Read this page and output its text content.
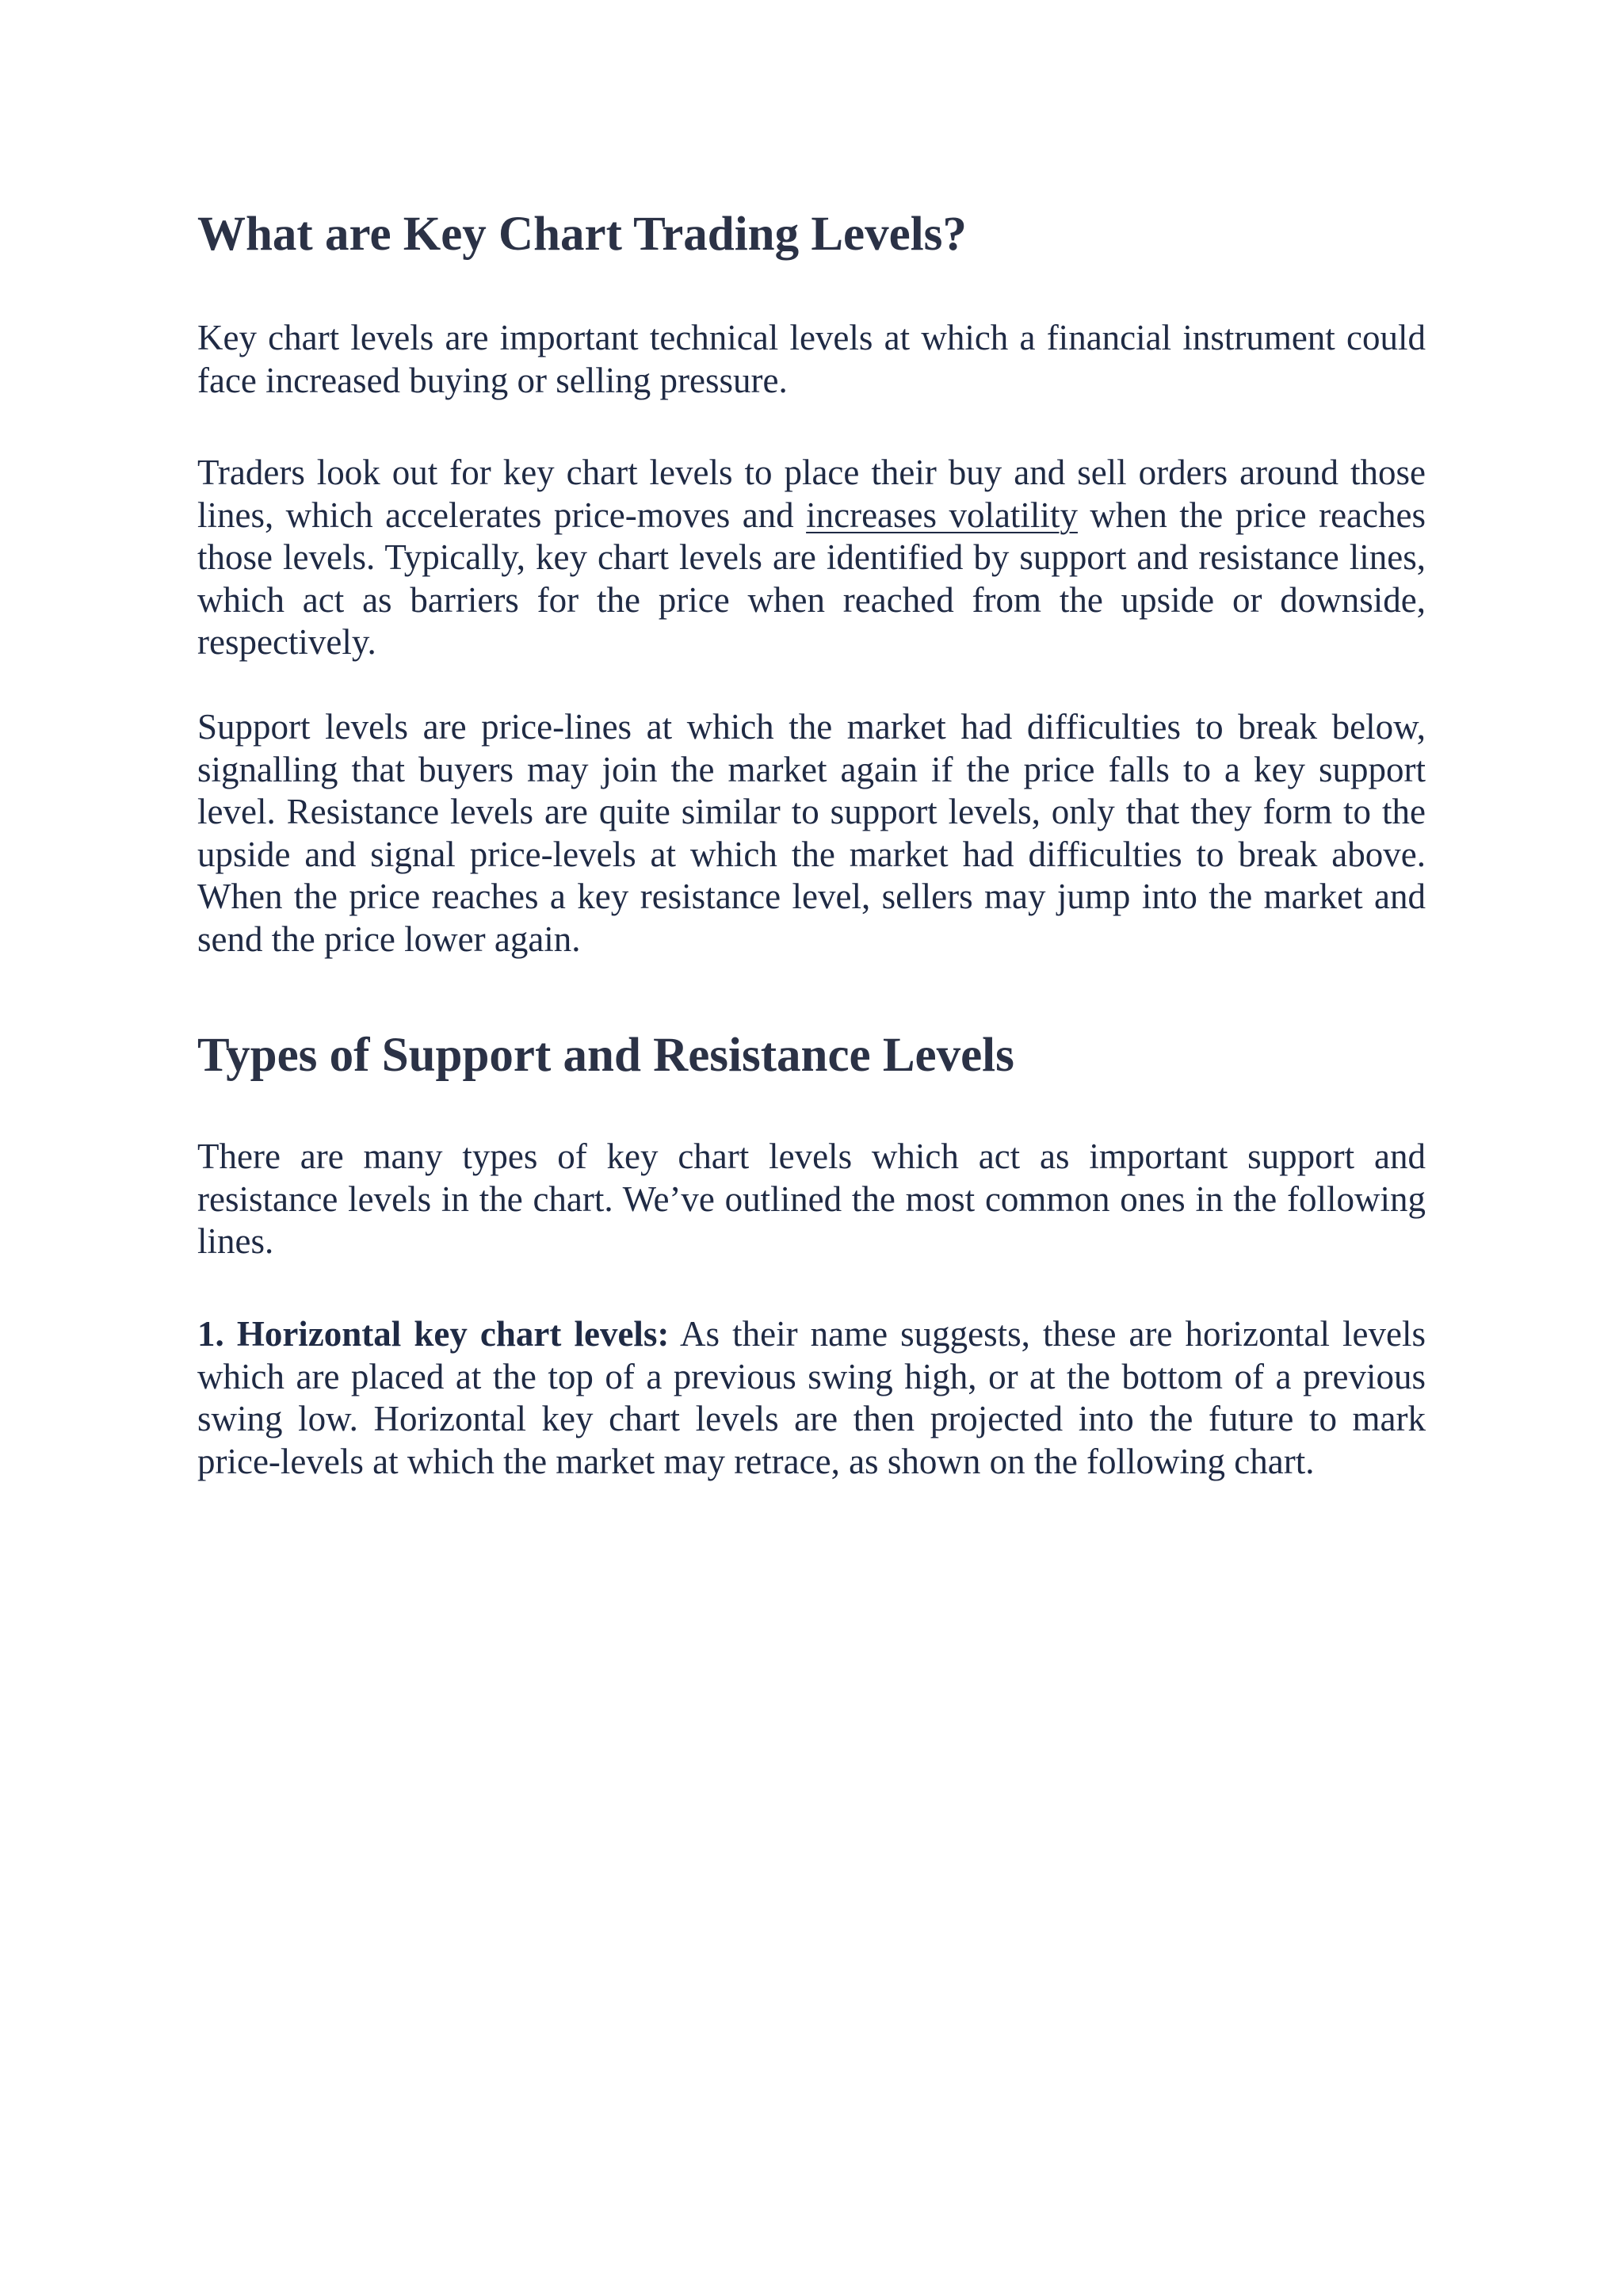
What are Key Chart Trading Levels?

Key chart levels are important technical levels at which a financial instrument could face increased buying or selling pressure.

Traders look out for key chart levels to place their buy and sell orders around those lines, which accelerates price-moves and increases volatility when the price reaches those levels. Typically, key chart levels are identified by support and resistance lines, which act as barriers for the price when reached from the upside or downside, respectively.

Support levels are price-lines at which the market had difficulties to break below, signalling that buyers may join the market again if the price falls to a key support level. Resistance levels are quite similar to support levels, only that they form to the upside and signal price-levels at which the market had difficulties to break above. When the price reaches a key resistance level, sellers may jump into the market and send the price lower again.

Types of Support and Resistance Levels

There are many types of key chart levels which act as important support and resistance levels in the chart. We’ve outlined the most common ones in the following lines.

1. Horizontal key chart levels: As their name suggests, these are horizontal levels which are placed at the top of a previous swing high, or at the bottom of a previous swing low. Horizontal key chart levels are then projected into the future to mark price-levels at which the market may retrace, as shown on the following chart.
